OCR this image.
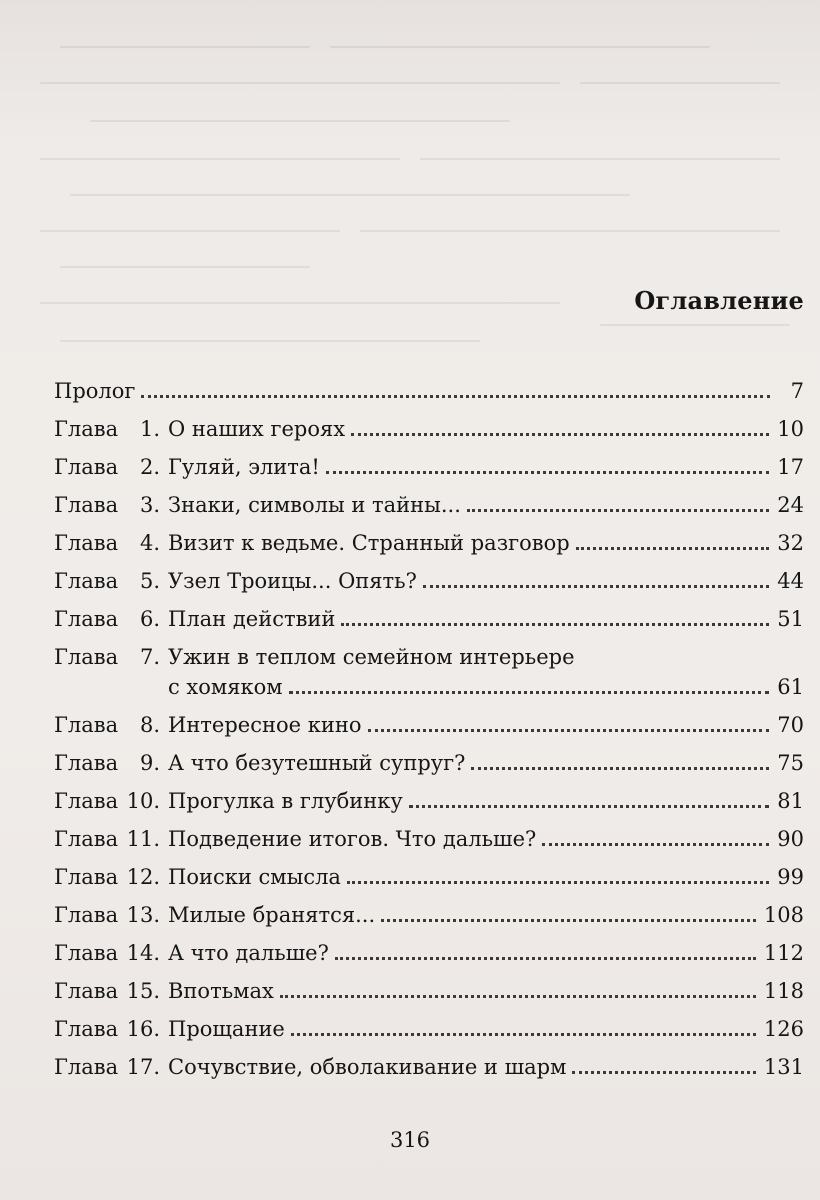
Оглавление
Пролог	7
Глава	1. О наших героях	10
Глава	2. Гуляй, элита!	17
Глава	3. Знаки, символы и тайны...	24
Глава	4. Визит к ведьме. Странный разговор	32
Глава	5. Узел Троицы... Опять?	44
Глава	6. План действий	51
Глава	7. Ужин в теплом семейном интерьере
с хомяком	61
Глава	8. Интересное кино	70
Глава	9. А что безутешный супруг?	75
Глава 10. Прогулка в глубинку	81
Глава 11. Подведение итогов. Что дальше?	90
Глава 12. Поиски смысла	99
Глава 13. Милые бранятся...	108
Глава 14. А что дальше?	112
Глава 15. Впотьмах	118
Глава 16. Прощание	126
Глава 17. Сочувствие, обволакивание и шарм	131
316
